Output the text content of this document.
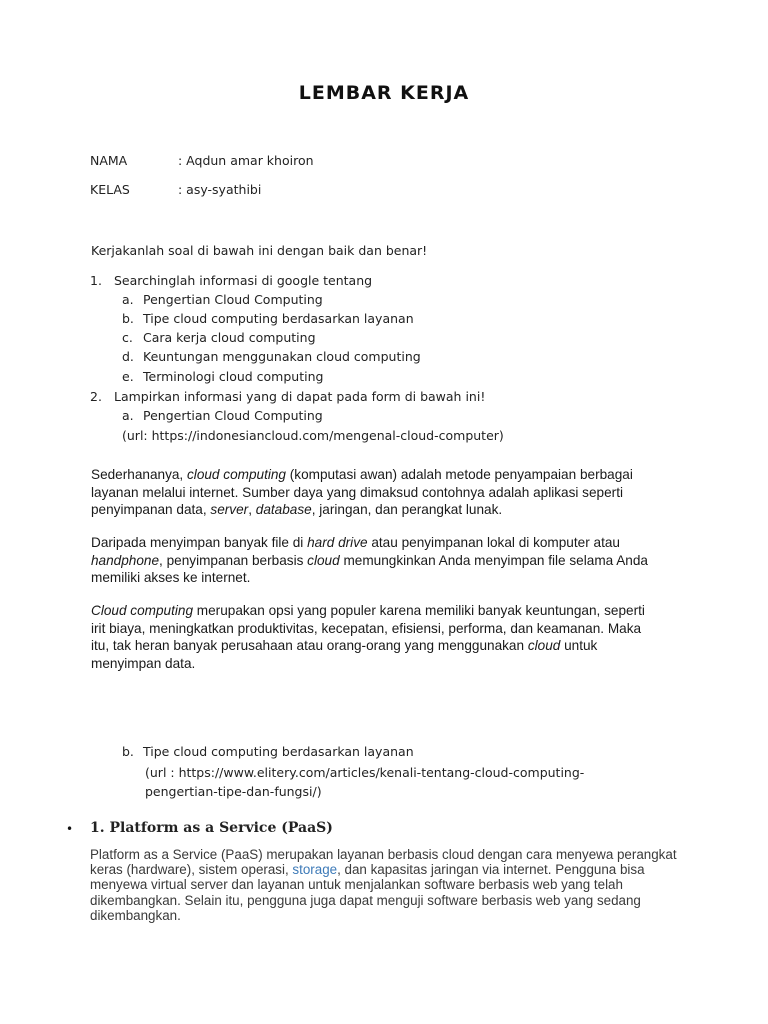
LEMBAR KERJA
NAMA	: Aqdun amar khoiron
KELAS	: asy-syathibi
Kerjakanlah soal di bawah ini dengan baik dan benar!
1. Searchinglah informasi di google tentang
a. Pengertian Cloud Computing
b. Tipe cloud computing berdasarkan layanan
c. Cara kerja cloud computing
d. Keuntungan menggunakan cloud computing
e. Terminologi cloud computing
2. Lampirkan informasi yang di dapat pada form di bawah ini!
a. Pengertian Cloud Computing
(url: https://indonesiancloud.com/mengenal-cloud-computer)
Sederhananya, cloud computing (komputasi awan) adalah metode penyampaian berbagai layanan melalui internet. Sumber daya yang dimaksud contohnya adalah aplikasi seperti penyimpanan data, server, database, jaringan, dan perangkat lunak.
Daripada menyimpan banyak file di hard drive atau penyimpanan lokal di komputer atau handphone, penyimpanan berbasis cloud memungkinkan Anda menyimpan file selama Anda memiliki akses ke internet.
Cloud computing merupakan opsi yang populer karena memiliki banyak keuntungan, seperti irit biaya, meningkatkan produktivitas, kecepatan, efisiensi, performa, dan keamanan. Maka itu, tak heran banyak perusahaan atau orang-orang yang menggunakan cloud untuk menyimpan data.
b. Tipe cloud computing berdasarkan layanan
(url : https://www.elitery.com/articles/kenali-tentang-cloud-computing-
pengertian-tipe-dan-fungsi/)
• 1. Platform as a Service (PaaS)
Platform as a Service (PaaS) merupakan layanan berbasis cloud dengan cara menyewa perangkat keras (hardware), sistem operasi, storage, dan kapasitas jaringan via internet. Pengguna bisa menyewa virtual server dan layanan untuk menjalankan software berbasis web yang telah dikembangkan. Selain itu, pengguna juga dapat menguji software berbasis web yang sedang dikembangkan.
